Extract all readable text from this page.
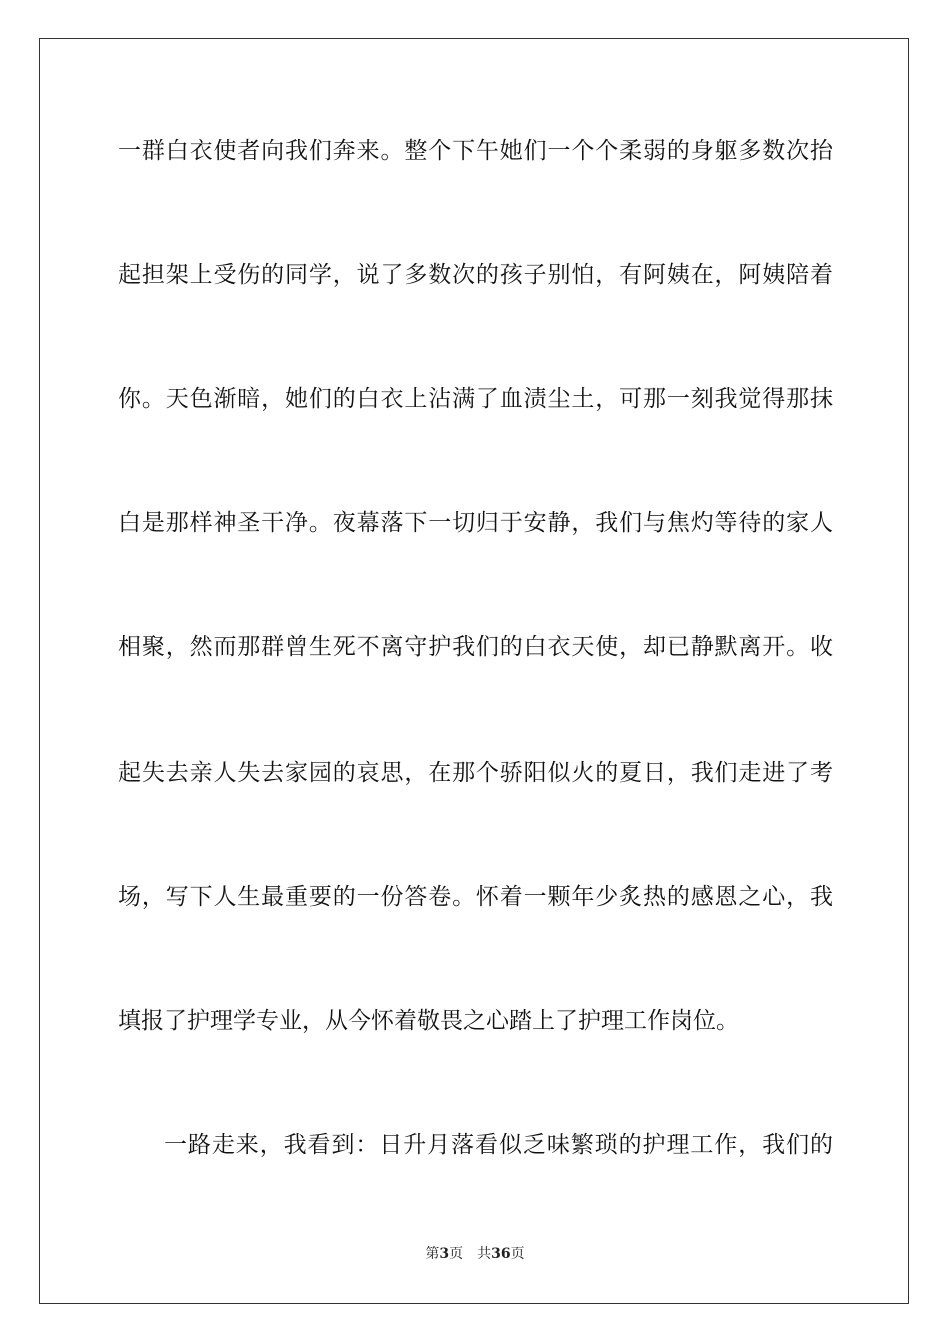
一群白衣使者向我们奔来。整个下午她们一个个柔弱的身躯多数次抬
起担架上受伤的同学，说了多数次的孩子别怕，有阿姨在，阿姨陪着
你。天色渐暗，她们的白衣上沾满了血渍尘土，可那一刻我觉得那抹
白是那样神圣干净。夜幕落下一切归于安静，我们与焦灼等待的家人
相聚，然而那群曾生死不离守护我们的白衣天使，却已静默离开。收
起失去亲人失去家园的哀思，在那个骄阳似火的夏日，我们走进了考
场，写下人生最重要的一份答卷。怀着一颗年少炙热的感恩之心，我
填报了护理学专业，从今怀着敬畏之心踏上了护理工作岗位。
一路走来，我看到：日升月落看似乏味繁琐的护理工作，我们的
第3页 共36页
